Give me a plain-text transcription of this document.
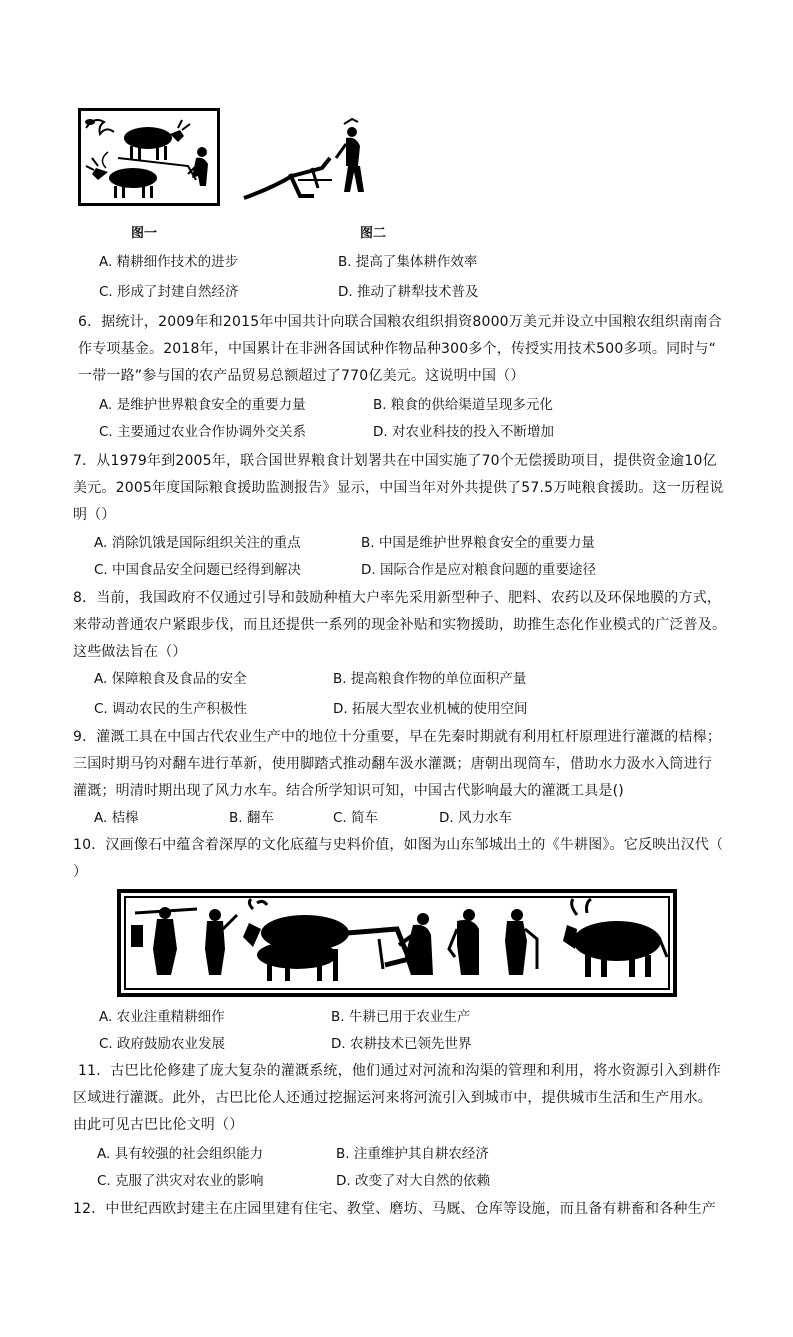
图一	图二
A. 精耕细作技术的进步	B. 提高了集体耕作效率
C. 形成了封建自然经济	D. 推动了耕犁技术普及
6．据统计，2009年和2015年中国共计向联合国粮农组织捐资8000万美元并设立中国粮农组织南南合
作专项基金。2018年，中国累计在非洲各国试种作物品种300多个，传授实用技术500多项。同时与“
一带一路”参与国的农产品贸易总额超过了770亿美元。这说明中国（）
A. 是维护世界粮食安全的重要力量	B. 粮食的供给渠道呈现多元化
C. 主要通过农业合作协调外交关系	D. 对农业科技的投入不断增加
7．从1979年到2005年，联合国世界粮食计划署共在中国实施了70个无偿援助项目，提供资金逾10亿
美元。2005年度国际粮食援助监测报告》显示，中国当年对外共提供了57.5万吨粮食援助。这一历程说
明（）
A. 消除饥饿是国际组织关注的重点	B. 中国是维护世界粮食安全的重要力量
C. 中国食品安全问题已经得到解决	D. 国际合作是应对粮食问题的重要途径
8．当前，我国政府不仅通过引导和鼓励种植大户率先采用新型种子、肥料、农药以及环保地膜的方式，
来带动普通农户紧跟步伐，而且还提供一系列的现金补贴和实物援助，助推生态化作业模式的广泛普及。
这些做法旨在（）
A. 保障粮食及食品的安全	B. 提高粮食作物的单位面积产量
C. 调动农民的生产积极性	D. 拓展大型农业机械的使用空间
9．灌溉工具在中国古代农业生产中的地位十分重要，早在先秦时期就有利用杠杆原理进行灌溉的桔槔；
三国时期马钧对翻车进行革新，使用脚踏式推动翻车汲水灌溉；唐朝出现筒车，借助水力汲水入筒进行
灌溉；明清时期出现了风力水车。结合所学知识可知，中国古代影响最大的灌溉工具是()
A. 桔槔	B. 翻车	C. 简车	D. 风力水车
10．汉画像石中蕴含着深厚的文化底蕴与史料价值，如图为山东邹城出土的《牛耕图》。它反映出汉代（
）
A. 农业注重精耕细作	B. 牛耕已用于农业生产
C. 政府鼓励农业发展	D. 农耕技术已领先世界
11．古巴比伦修建了庞大复杂的灌溉系统，他们通过对河流和沟渠的管理和利用，将水资源引入到耕作
区域进行灌溉。此外，古巴比伦人还通过挖掘运河来将河流引入到城市中，提供城市生活和生产用水。
由此可见古巴比伦文明（）
A. 具有较强的社会组织能力	B. 注重维护其自耕农经济
C. 克服了洪灾对农业的影响	D. 改变了对大自然的依赖
12．中世纪西欧封建主在庄园里建有住宅、教堂、磨坊、马厩、仓库等设施，而且备有耕畜和各种生产
